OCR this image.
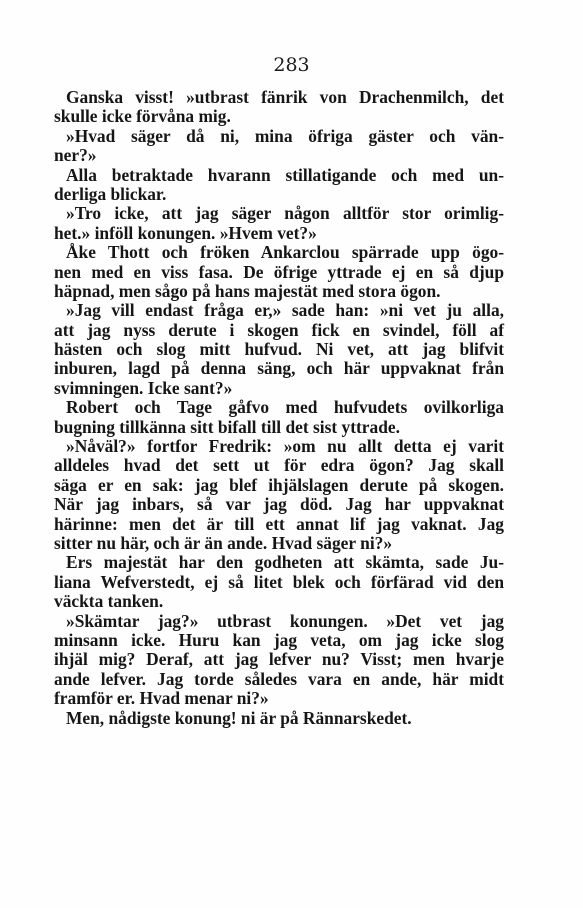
283
Ganska visst! »utbrast fänrik von Drachenmilch, det
skulle icke förvåna mig.
»Hvad säger då ni, mina öfriga gäster och vän-
ner?»
Alla betraktade hvarann stillatigande och med un-
derliga blickar.
»Tro icke, att jag säger någon alltför stor orimlig-
het.» inföll konungen. »Hvem vet?»
Åke Thott och fröken Ankarclou spärrade upp ögo-
nen med en viss fasa. De öfrige yttrade ej en så djup
häpnad, men sågo på hans majestät med stora ögon.
»Jag vill endast fråga er,» sade han: »ni vet ju alla,
att jag nyss derute i skogen fick en svindel, föll af
hästen och slog mitt hufvud. Ni vet, att jag blifvit
inburen, lagd på denna säng, och här uppvaknat från
svimningen. Icke sant?»
Robert och Tage gåfvo med hufvudets ovilkorliga
bugning tillkänna sitt bifall till det sist yttrade.
»Nåväl?» fortfor Fredrik: »om nu allt detta ej varit
alldeles hvad det sett ut för edra ögon? Jag skall
säga er en sak: jag blef ihjälslagen derute på skogen.
När jag inbars, så var jag död. Jag har uppvaknat
härinne: men det är till ett annat lif jag vaknat. Jag
sitter nu här, och är än ande. Hvad säger ni?»
Ers majestät har den godheten att skämta, sade Ju-
liana Wefverstedt, ej så litet blek och förfärad vid den
väckta tanken.
»Skämtar jag?» utbrast konungen. »Det vet jag
minsann icke. Huru kan jag veta, om jag icke slog
ihjäl mig? Deraf, att jag lefver nu? Visst; men hvarje
ande lefver. Jag torde således vara en ande, här midt
framför er. Hvad menar ni?»
Men, nådigste konung! ni är på Rännarskedet.
